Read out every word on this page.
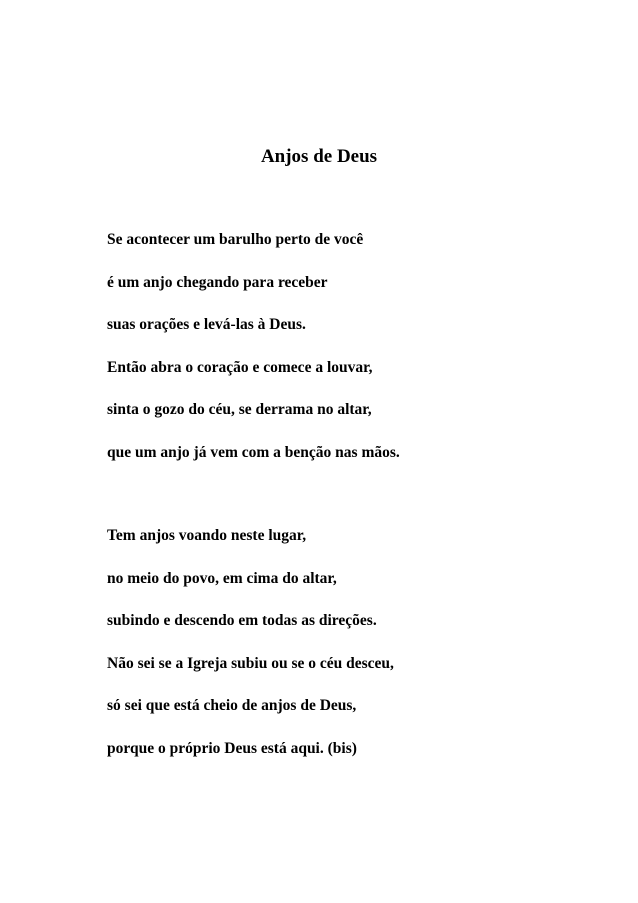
Anjos de Deus
Se acontecer um barulho perto de você
é um anjo chegando para receber
suas orações e levá-las à Deus.
Então abra o coração e comece a louvar,
sinta o gozo do céu, se derrama no altar,
que um anjo já vem com a benção nas mãos.
Tem anjos voando neste lugar,
no meio do povo, em cima do altar,
subindo e descendo em todas as direções.
Não sei se a Igreja subiu ou se o céu desceu,
só sei que está cheio de anjos de Deus,
porque o próprio Deus está aqui. (bis)
